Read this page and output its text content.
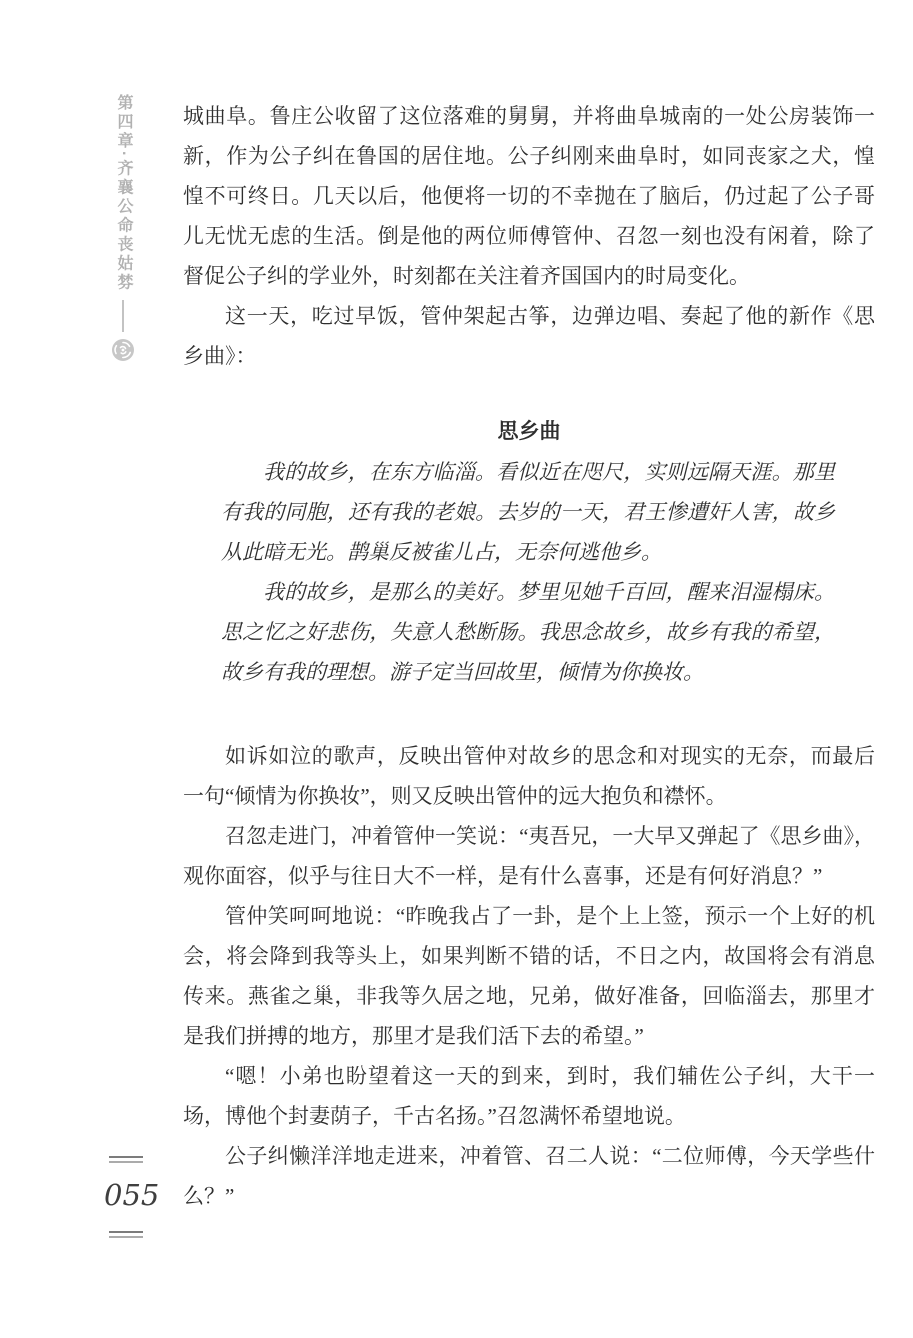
第四章·齐襄公命丧姑棼
055

城曲阜。鲁庄公收留了这位落难的舅舅，并将曲阜城南的一处公房装饰一新，作为公子纠在鲁国的居住地。公子纠刚来曲阜时，如同丧家之犬，惶惶不可终日。几天以后，他便将一切的不幸抛在了脑后，仍过起了公子哥儿无忧无虑的生活。倒是他的两位师傅管仲、召忽一刻也没有闲着，除了督促公子纠的学业外，时刻都在关注着齐国国内的时局变化。

这一天，吃过早饭，管仲架起古筝，边弹边唱、奏起了他的新作《思乡曲》：

思乡曲

我的故乡，在东方临淄。看似近在咫尺，实则远隔天涯。那里有我的同胞，还有我的老娘。去岁的一天，君王惨遭奸人害，故乡从此暗无光。鹊巢反被雀儿占，无奈何逃他乡。

我的故乡，是那么的美好。梦里见她千百回，醒来泪湿榻床。思之忆之好悲伤，失意人愁断肠。我思念故乡，故乡有我的希望，故乡有我的理想。游子定当回故里，倾情为你换妆。

如诉如泣的歌声，反映出管仲对故乡的思念和对现实的无奈，而最后一句“倾情为你换妆”，则又反映出管仲的远大抱负和襟怀。

召忽走进门，冲着管仲一笑说：“夷吾兄，一大早又弹起了《思乡曲》，观你面容，似乎与往日大不一样，是有什么喜事，还是有何好消息？”

管仲笑呵呵地说：“昨晚我占了一卦，是个上上签，预示一个上好的机会，将会降到我等头上，如果判断不错的话，不日之内，故国将会有消息传来。燕雀之巢，非我等久居之地，兄弟，做好准备，回临淄去，那里才是我们拼搏的地方，那里才是我们活下去的希望。”

“嗯！小弟也盼望着这一天的到来，到时，我们辅佐公子纠，大干一场，博他个封妻荫子，千古名扬。”召忽满怀希望地说。

公子纠懒洋洋地走进来，冲着管、召二人说：“二位师傅，今天学些什么？”
